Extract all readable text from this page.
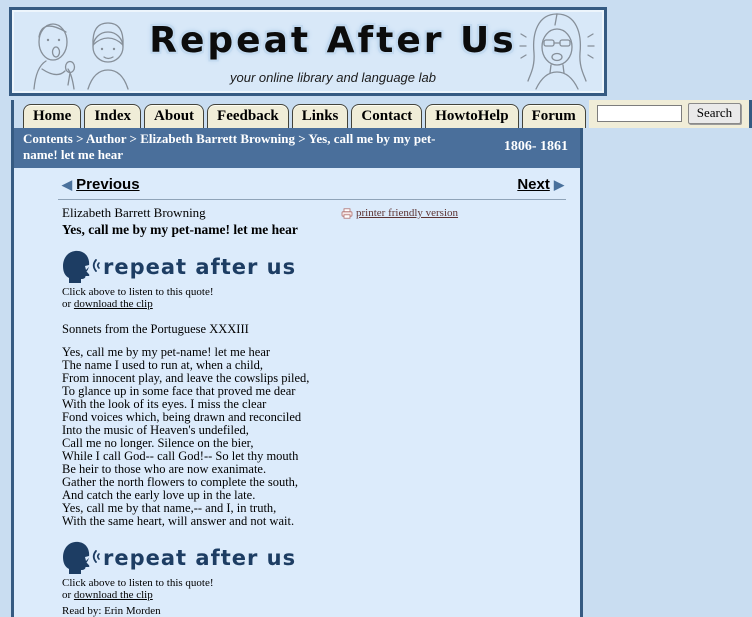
Repeat After Us
your online library and language lab
Home	Index	About	Feedback	Links	Contact	HowtoHelp	Forum	Search
Contents > Author > Elizabeth Barrett Browning > Yes, call me by my pet-name! let me hear
1806- 1861
◀ Previous	Next ▶
Elizabeth Barrett Browning
Yes, call me by my pet-name! let me hear
printer friendly version
repeat after us
Click above to listen to this quote!
or download the clip
Sonnets from the Portuguese XXXIII
Yes, call me by my pet-name! let me hear
The name I used to run at, when a child,
From innocent play, and leave the cowslips piled,
To glance up in some face that proved me dear
With the look of its eyes. I miss the clear
Fond voices which, being drawn and reconciled
Into the music of Heaven's undefiled,
Call me no longer. Silence on the bier,
While I call God-- call God!-- So let thy mouth
Be heir to those who are now exanimate.
Gather the north flowers to complete the south,
And catch the early love up in the late.
Yes, call me by that name,-- and I, in truth,
With the same heart, will answer and not wait.
repeat after us
Click above to listen to this quote!
or download the clip
Read by: Erin Morden
